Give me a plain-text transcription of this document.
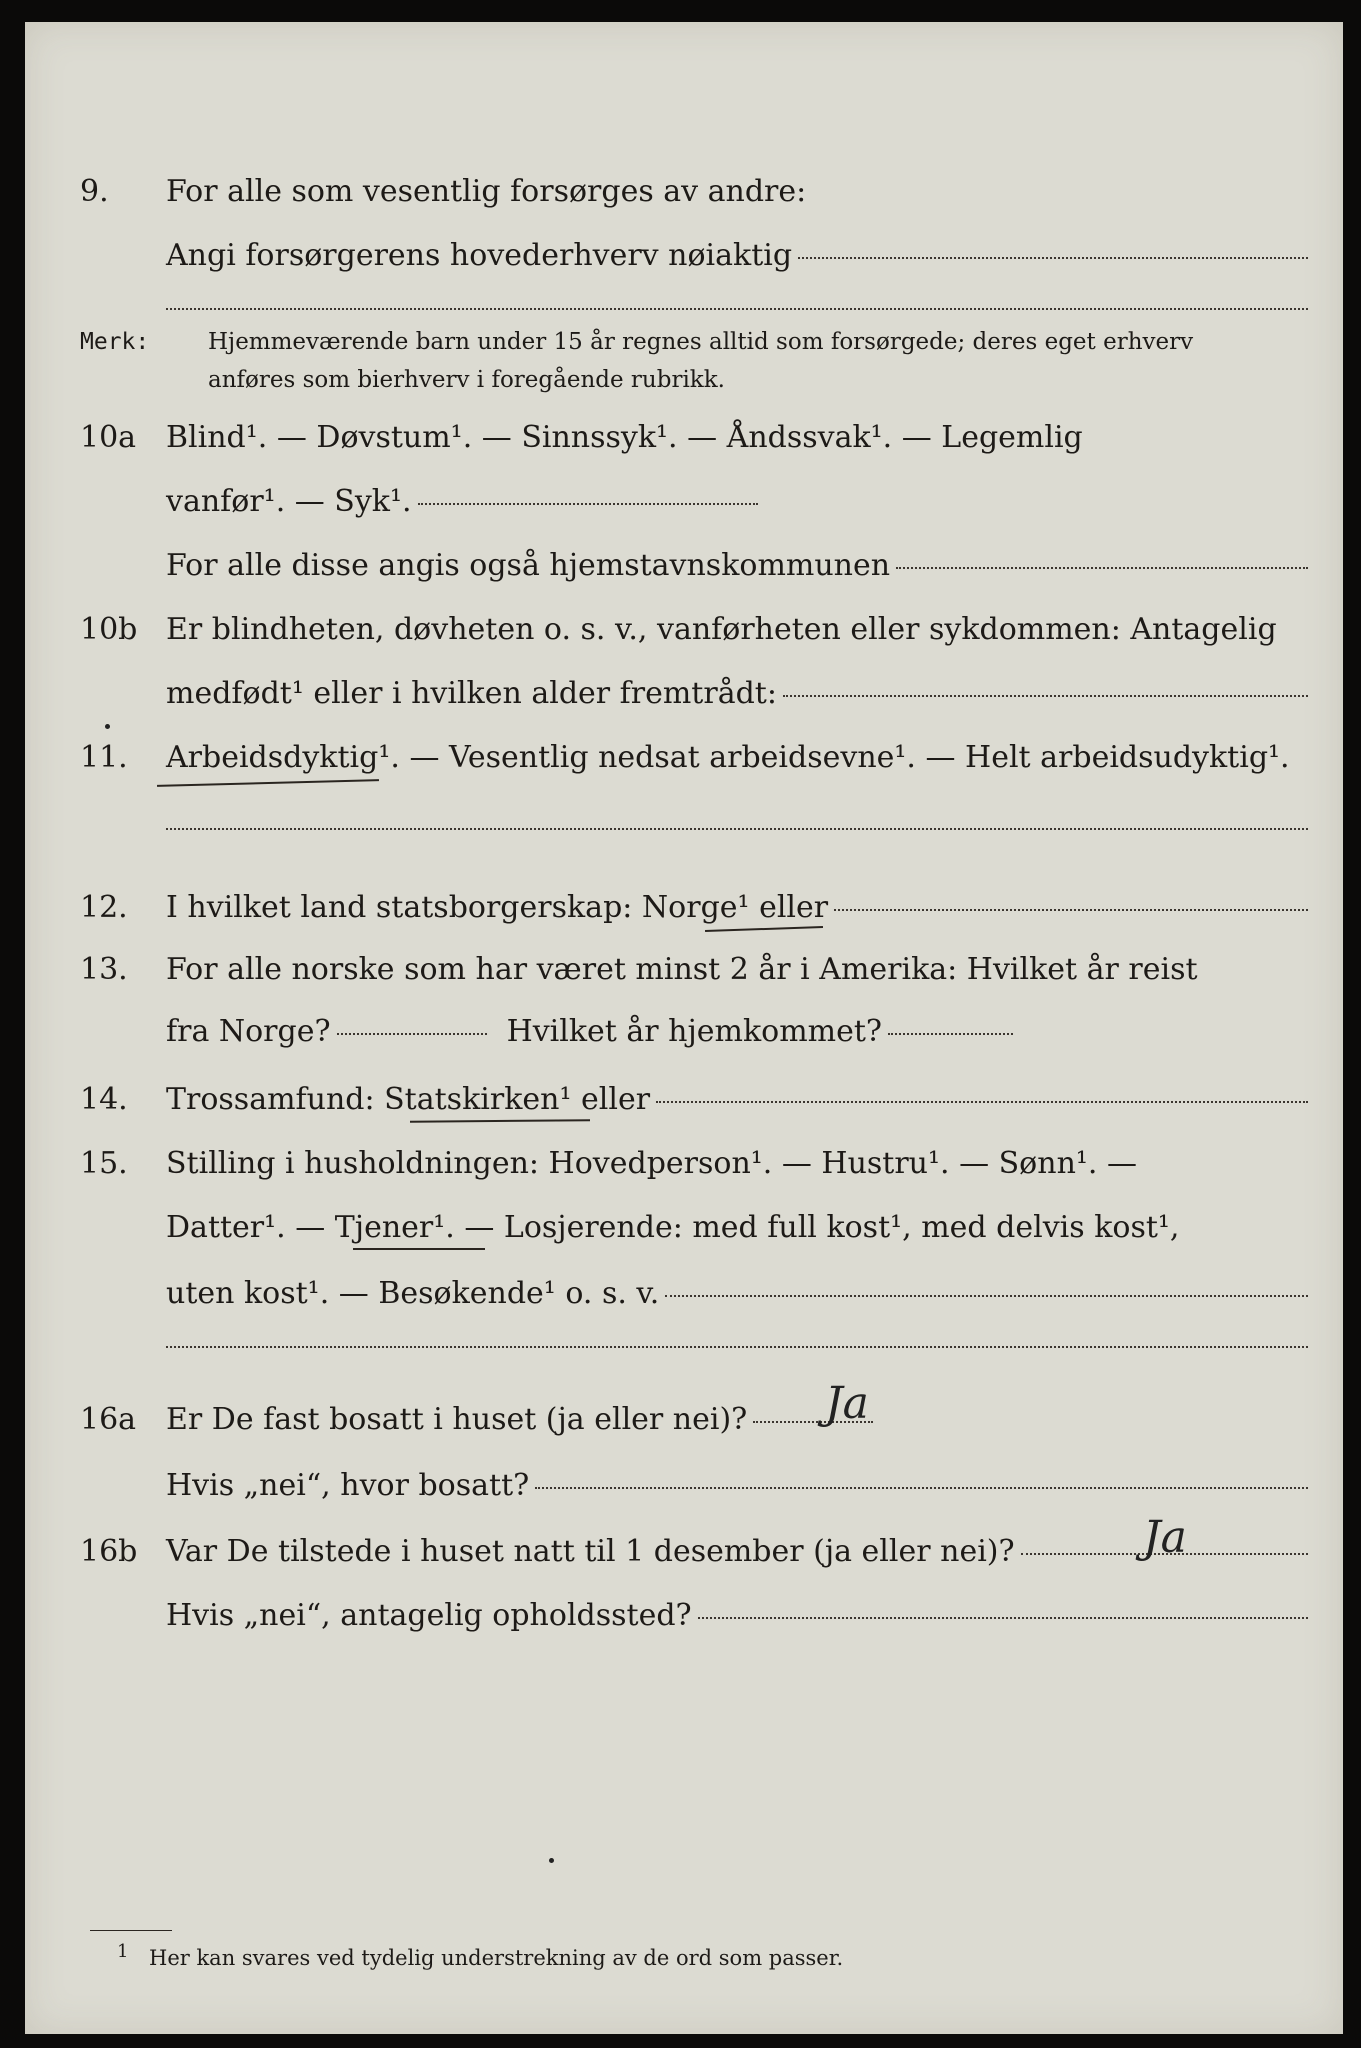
9.	For alle som vesentlig forsørges av andre:
Angi forsørgerens hovederhverv nøiaktig
Merk:	Hjemmeværende barn under 15 år regnes alltid som forsørgede; deres eget erhverv
anføres som bierhverv i foregående rubrikk.
10a Blind¹. — Døvstum¹. — Sinnssyk¹. — Åndssvak¹. — Legemlig
vanfør¹. — Syk¹.
For alle disse angis også hjemstavnskommunen
10b Er blindheten, døvheten o. s. v., vanførheten eller sykdommen: Antagelig
medfødt¹ eller i hvilken alder fremtrådt:
11.	Arbeidsdyktig¹. — Vesentlig nedsat arbeidsevne¹. — Helt arbeidsudyktig¹.
12.	I hvilket land statsborgerskap: Norge¹ eller
13.	For alle norske som har været minst 2 år i Amerika: Hvilket år reist
fra Norge?	Hvilket år hjemkommet?
14.	Trossamfund: Statskirken¹ eller
15.	Stilling i husholdningen: Hovedperson¹. — Hustru¹. — Sønn¹. —
Datter¹. — Tjener¹. — Losjerende: med full kost¹, med delvis kost¹,
uten kost¹. — Besøkende¹ o. s. v.
16a Er De fast bosatt i huset (ja eller nei)? Ja
Hvis „nei“, hvor bosatt?
16b Var De tilstede i huset natt til 1 desember (ja eller nei)?	Ja
Hvis „nei“, antagelig opholdssted?
1 Her kan svares ved tydelig understrekning av de ord som passer.
